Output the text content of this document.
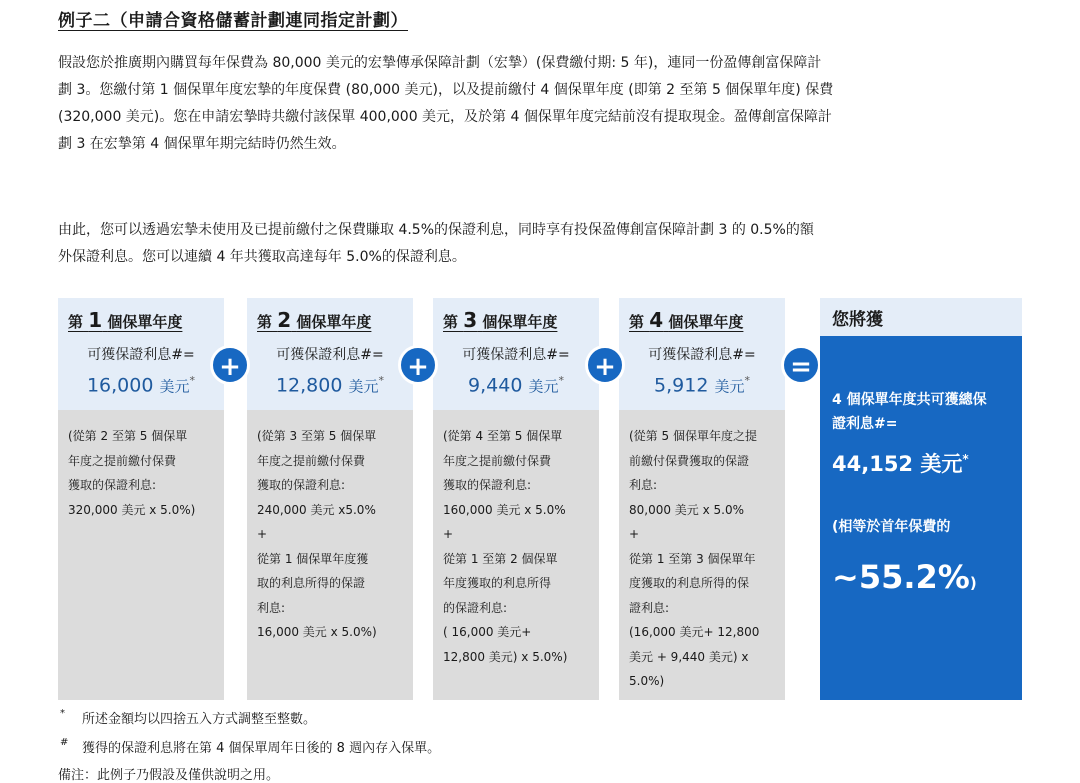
例子二（申請合資格儲蓄計劃連同指定計劃）
假設您於推廣期內購買每年保費為 80,000 美元的宏摯傳承保障計劃（宏摯）(保費繳付期: 5 年)，連同一份盈傳創富保障計
劃 3。您繳付第 1 個保單年度宏摯的年度保費 (80,000 美元)，以及提前繳付 4 個保單年度 (即第 2 至第 5 個保單年度) 保費
(320,000 美元)。您在申請宏摯時共繳付該保單 400,000 美元，及於第 4 個保單年度完結前沒有提取現金。盈傳創富保障計
劃 3 在宏摯第 4 個保單年期完結時仍然生效。
由此，您可以透過宏摯未使用及已提前繳付之保費賺取 4.5%的保證利息，同時享有投保盈傳創富保障計劃 3 的 0.5%的額
外保證利息。您可以連續 4 年共獲取高達每年 5.0%的保證利息。
第 1 個保單年度
可獲保證利息#=
16,000 美元*
(從第 2 至第 5 個保單
年度之提前繳付保費
獲取的保證利息:
320,000 美元 x 5.0%)
第 2 個保單年度
可獲保證利息#=
12,800 美元*
(從第 3 至第 5 個保單
年度之提前繳付保費
獲取的保證利息:
240,000 美元 x5.0%
+
從第 1 個保單年度獲
取的利息所得的保證
利息:
16,000 美元 x 5.0%)
第 3 個保單年度
可獲保證利息#=
9,440 美元*
(從第 4 至第 5 個保單
年度之提前繳付保費
獲取的保證利息:
160,000 美元 x 5.0%
+
從第 1 至第 2 個保單
年度獲取的利息所得
的保證利息:
( 16,000 美元+
12,800 美元) x 5.0%)
第 4 個保單年度
可獲保證利息#=
5,912 美元*
(從第 5 個保單年度之提
前繳付保費獲取的保證
利息:
80,000 美元 x 5.0%
+
從第 1 至第 3 個保單年
度獲取的利息所得的保
證利息:
(16,000 美元+ 12,800
美元 + 9,440 美元) x
5.0%)
+	+	+	=
您將獲
4 個保單年度共可獲總保
證利息#=
44,152 美元*
(相等於首年保費的
~55.2%)
* 所述金額均以四捨五入方式調整至整數。
# 獲得的保證利息將在第 4 個保單周年日後的 8 週內存入保單。
備注：此例子乃假設及僅供說明之用。
